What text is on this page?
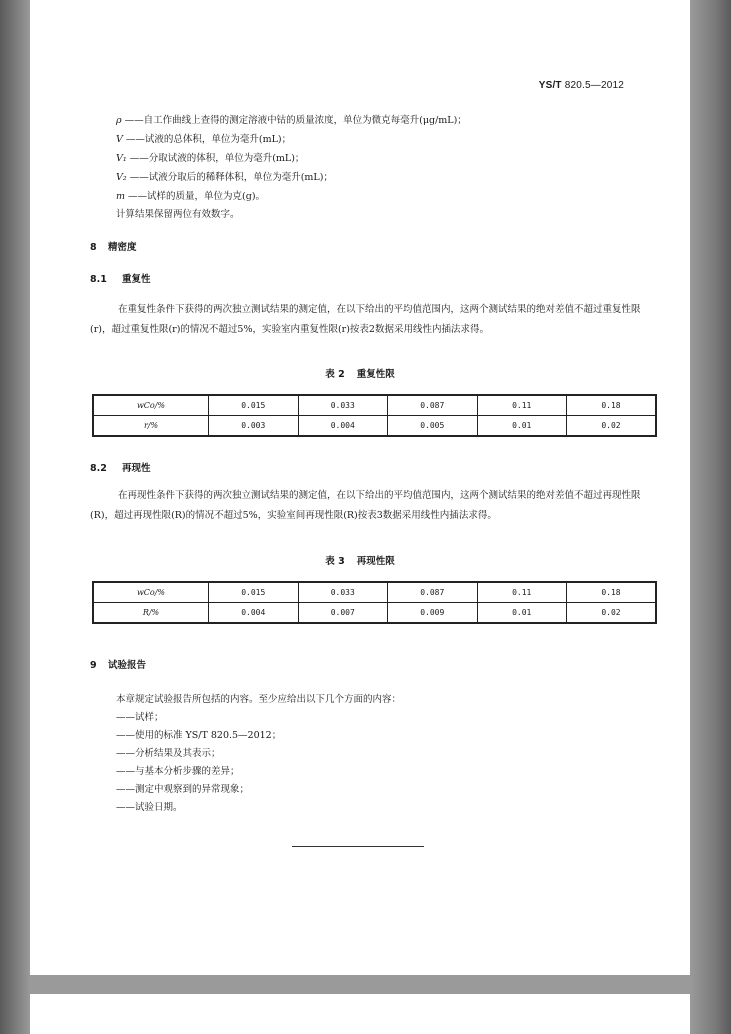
YS/T 820.5—2012
ρ ——自工作曲线上查得的测定溶液中钴的质量浓度，单位为微克每毫升(μg/mL)；
V ——试液的总体积，单位为毫升(mL)；
V₁ ——分取试液的体积，单位为毫升(mL)；
V₂ ——试液分取后的稀释体积，单位为毫升(mL)；
m ——试样的质量，单位为克(g)。
计算结果保留两位有效数字。
8 精密度
8.1 重复性

在重复性条件下获得的两次独立测试结果的测定值，在以下给出的平均值范围内，这两个测试结果的绝对差值不超过重复性限(r)，超过重复性限(r)的情况不超过5%，实验室内重复性限(r)按表2数据采用线性内插法求得。

表 2 重复性限
wCo/%	0.015	0.033	0.087	0.11	0.18
r/%	0.003	0.004	0.005	0.01	0.02
8.2 再现性

在再现性条件下获得的两次独立测试结果的测定值，在以下给出的平均值范围内，这两个测试结果的绝对差值不超过再现性限(R)，超过再现性限(R)的情况不超过5%，实验室间再现性限(R)按表3数据采用线性内插法求得。

表 3 再现性限
wCo/%	0.015	0.033	0.087	0.11	0.18
R/%	0.004	0.007	0.009	0.01	0.02
9 试验报告
本章规定试验报告所包括的内容。至少应给出以下几个方面的内容：
——试样；
——使用的标准 YS/T 820.5—2012；
——分析结果及其表示；
——与基本分析步骤的差异；
——测定中观察到的异常现象；
——试验日期。
